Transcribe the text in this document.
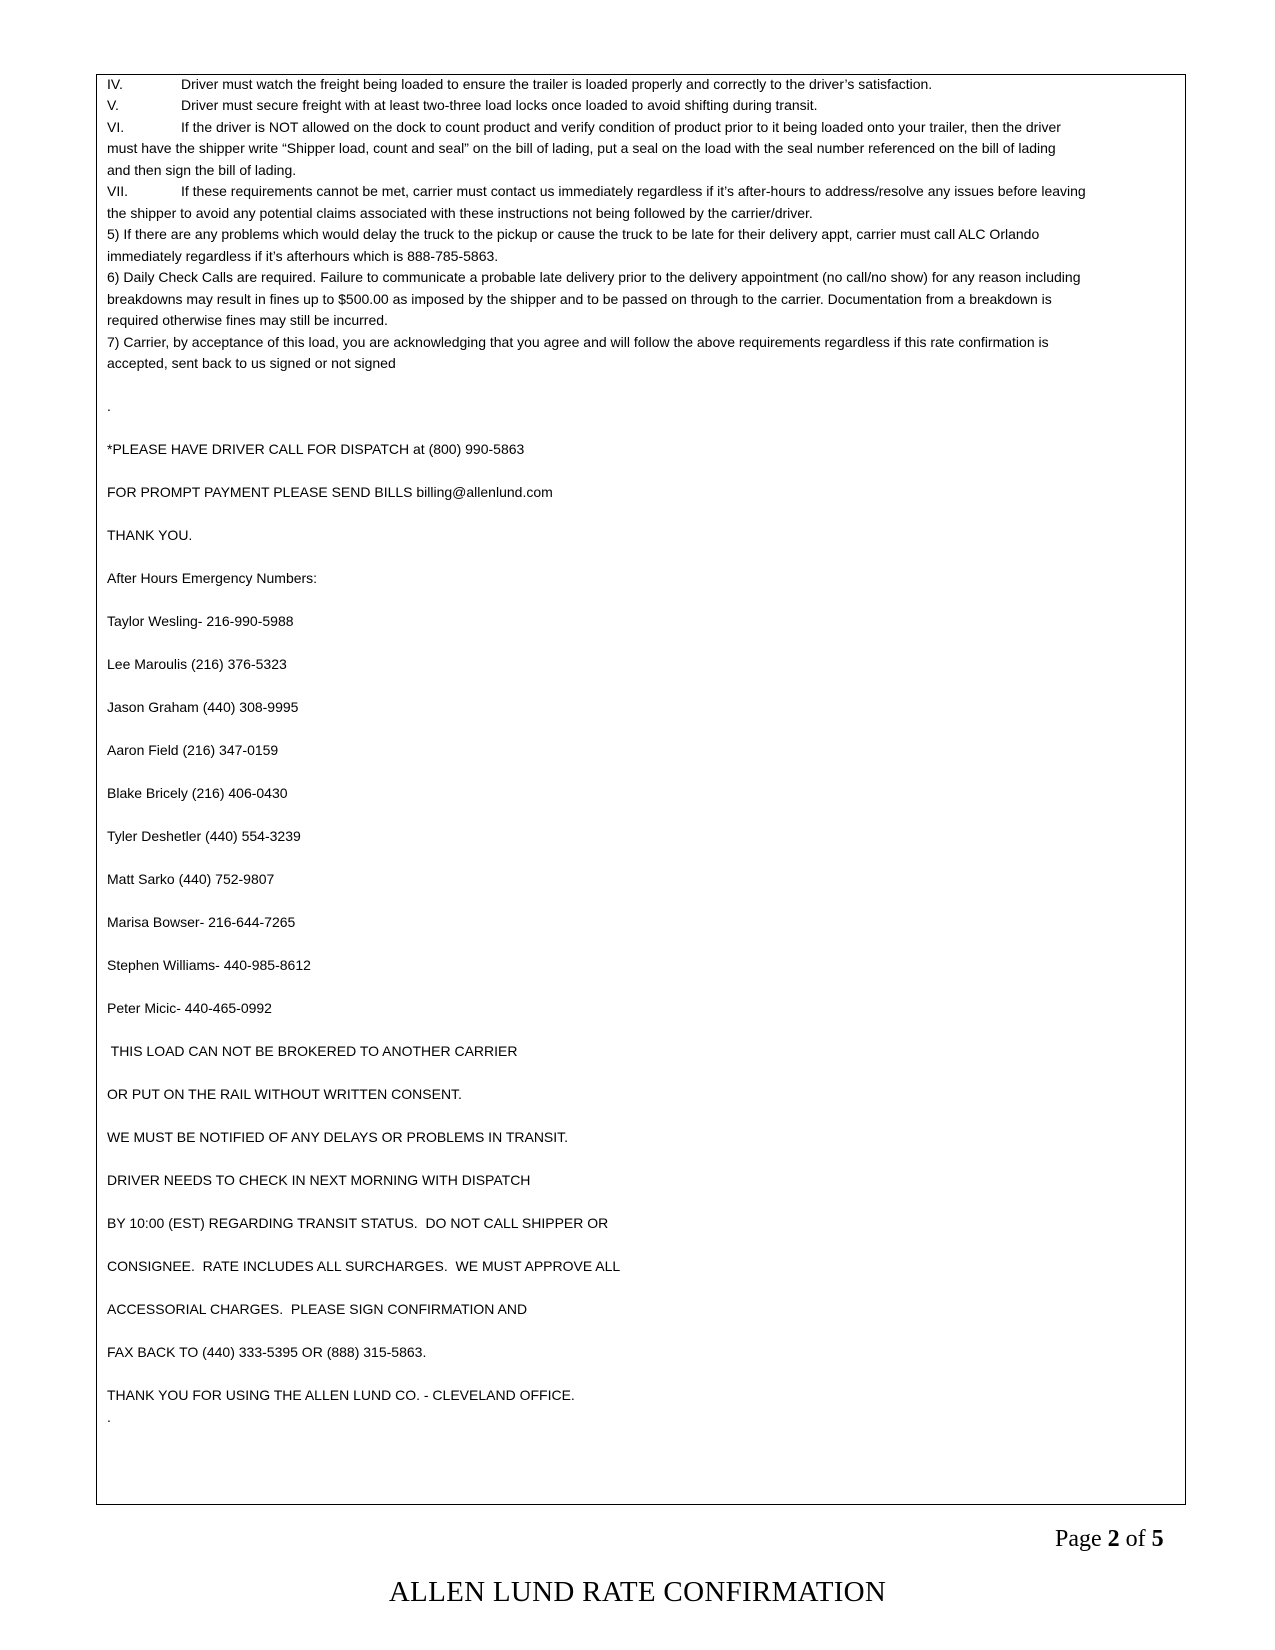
IV.	Driver must watch the freight being loaded to ensure the trailer is loaded properly and correctly to the driver’s satisfaction.
V.	Driver must secure freight with at least two-three load locks once loaded to avoid shifting during transit.
VI.	If the driver is NOT allowed on the dock to count product and verify condition of product prior to it being loaded onto your trailer, then the driver
must have the shipper write “Shipper load, count and seal” on the bill of lading, put a seal on the load with the seal number referenced on the bill of lading
and then sign the bill of lading.
VII.	If these requirements cannot be met, carrier must contact us immediately regardless if it’s after-hours to address/resolve any issues before leaving
the shipper to avoid any potential claims associated with these instructions not being followed by the carrier/driver.
5) If there are any problems which would delay the truck to the pickup or cause the truck to be late for their delivery appt, carrier must call ALC Orlando
immediately regardless if it’s afterhours which is 888-785-5863.
6) Daily Check Calls are required. Failure to communicate a probable late delivery prior to the delivery appointment (no call/no show) for any reason including
breakdowns may result in fines up to $500.00 as imposed by the shipper and to be passed on through to the carrier. Documentation from a breakdown is
required otherwise fines may still be incurred.
7) Carrier, by acceptance of this load, you are acknowledging that you agree and will follow the above requirements regardless if this rate confirmation is
accepted, sent back to us signed or not signed
.
*PLEASE HAVE DRIVER CALL FOR DISPATCH at (800) 990-5863
FOR PROMPT PAYMENT PLEASE SEND BILLS billing@allenlund.com
THANK YOU.
After Hours Emergency Numbers:
Taylor Wesling- 216-990-5988
Lee Maroulis (216) 376-5323
Jason Graham (440) 308-9995
Aaron Field (216) 347-0159
Blake Bricely (216) 406-0430
Tyler Deshetler (440) 554-3239
Matt Sarko (440) 752-9807
Marisa Bowser- 216-644-7265
Stephen Williams- 440-985-8612
Peter Micic- 440-465-0992
THIS LOAD CAN NOT BE BROKERED TO ANOTHER CARRIER
OR PUT ON THE RAIL WITHOUT WRITTEN CONSENT.
WE MUST BE NOTIFIED OF ANY DELAYS OR PROBLEMS IN TRANSIT.
DRIVER NEEDS TO CHECK IN NEXT MORNING WITH DISPATCH
BY 10:00 (EST) REGARDING TRANSIT STATUS.  DO NOT CALL SHIPPER OR
CONSIGNEE.  RATE INCLUDES ALL SURCHARGES.  WE MUST APPROVE ALL
ACCESSORIAL CHARGES.  PLEASE SIGN CONFIRMATION AND
FAX BACK TO (440) 333-5395 OR (888) 315-5863.
THANK YOU FOR USING THE ALLEN LUND CO. - CLEVELAND OFFICE.
.
Page 2 of 5
ALLEN LUND RATE CONFIRMATION
